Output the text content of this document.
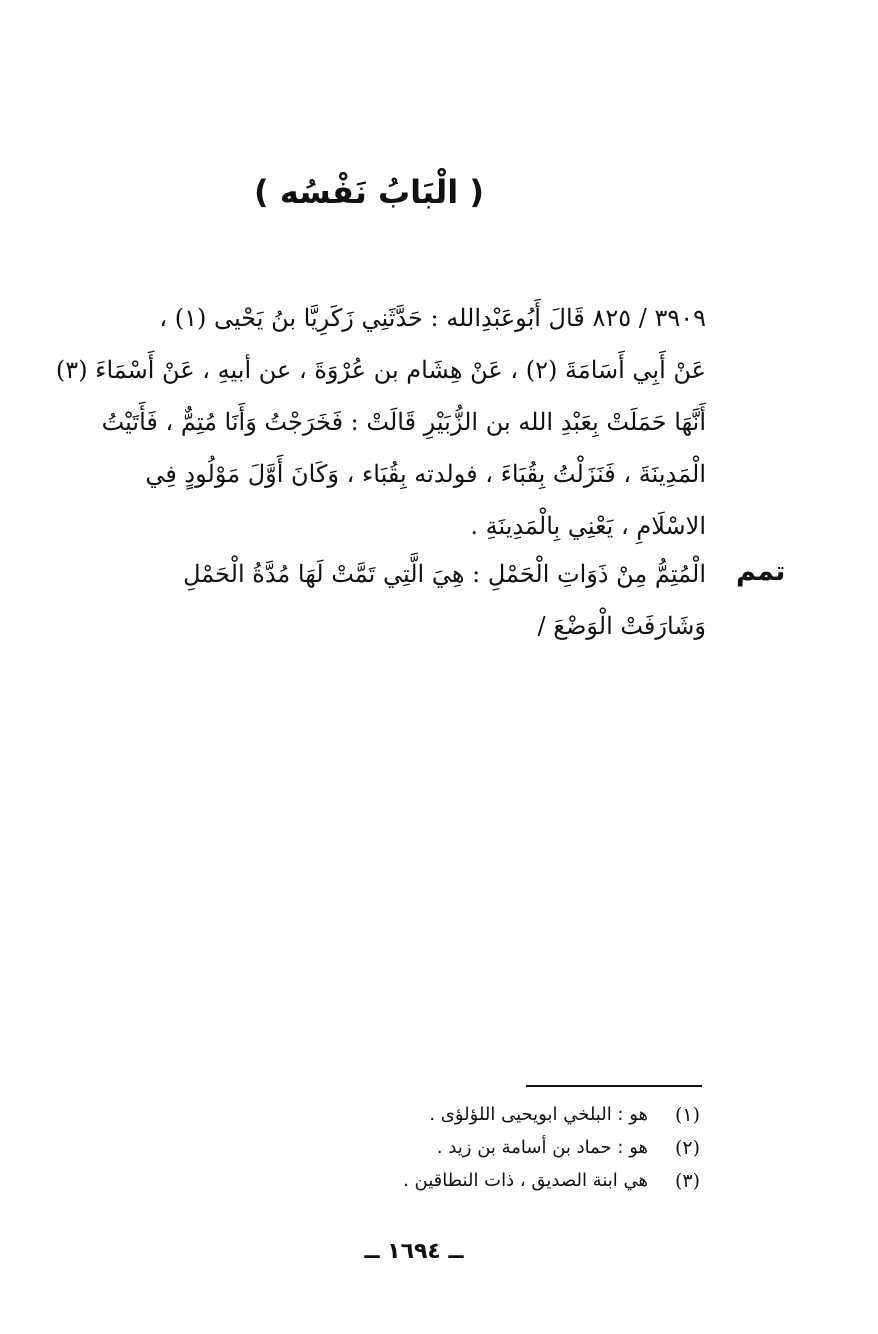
( الْبَابُ نَفْسُه )
٣٩٠٩ / ٨٢٥ قَالَ أَبُوعَبْدِالله : حَدَّثَنِي زَكَرِيَّا بنُ يَحْيى (١) ،
عَنْ أَبِي أَسَامَةَ (٢) ، عَنْ هِشَام بن عُرْوَةَ ، عن أبيهِ ، عَنْ أَسْمَاءَ (٣)
أَنَّهَا حَمَلَتْ بِعَبْدِ الله بن الزُّبَيْرِ قَالَتْ : فَخَرَجْتُ وَأَنَا مُتِمٌّ ، فَأَتَيْتُ
الْمَدِينَةَ ، فَنَزَلْتُ بِقُبَاءَ ، فولدته بِقُبَاء ، وَكَانَ أَوَّلَ مَوْلُودٍ فِي
الاسْلَامِ ، يَعْنِي بِالْمَدِينَةِ .
تمم
الْمُتِمُّ مِنْ ذَوَاتِ الْحَمْلِ : هِيَ الَّتِي تَمَّتْ لَهَا مُدَّةُ الْحَمْلِ
وَشَارَفَتْ الْوَضْعَ /
(١)
هو : البلخي ابويحيى اللؤلؤى .
(٢)
هو : حماد بن أسامة بن زيد .
(٣)
هي ابنة الصديق ، ذات النطاقين .
ــ ١٦٩٤ ــ
